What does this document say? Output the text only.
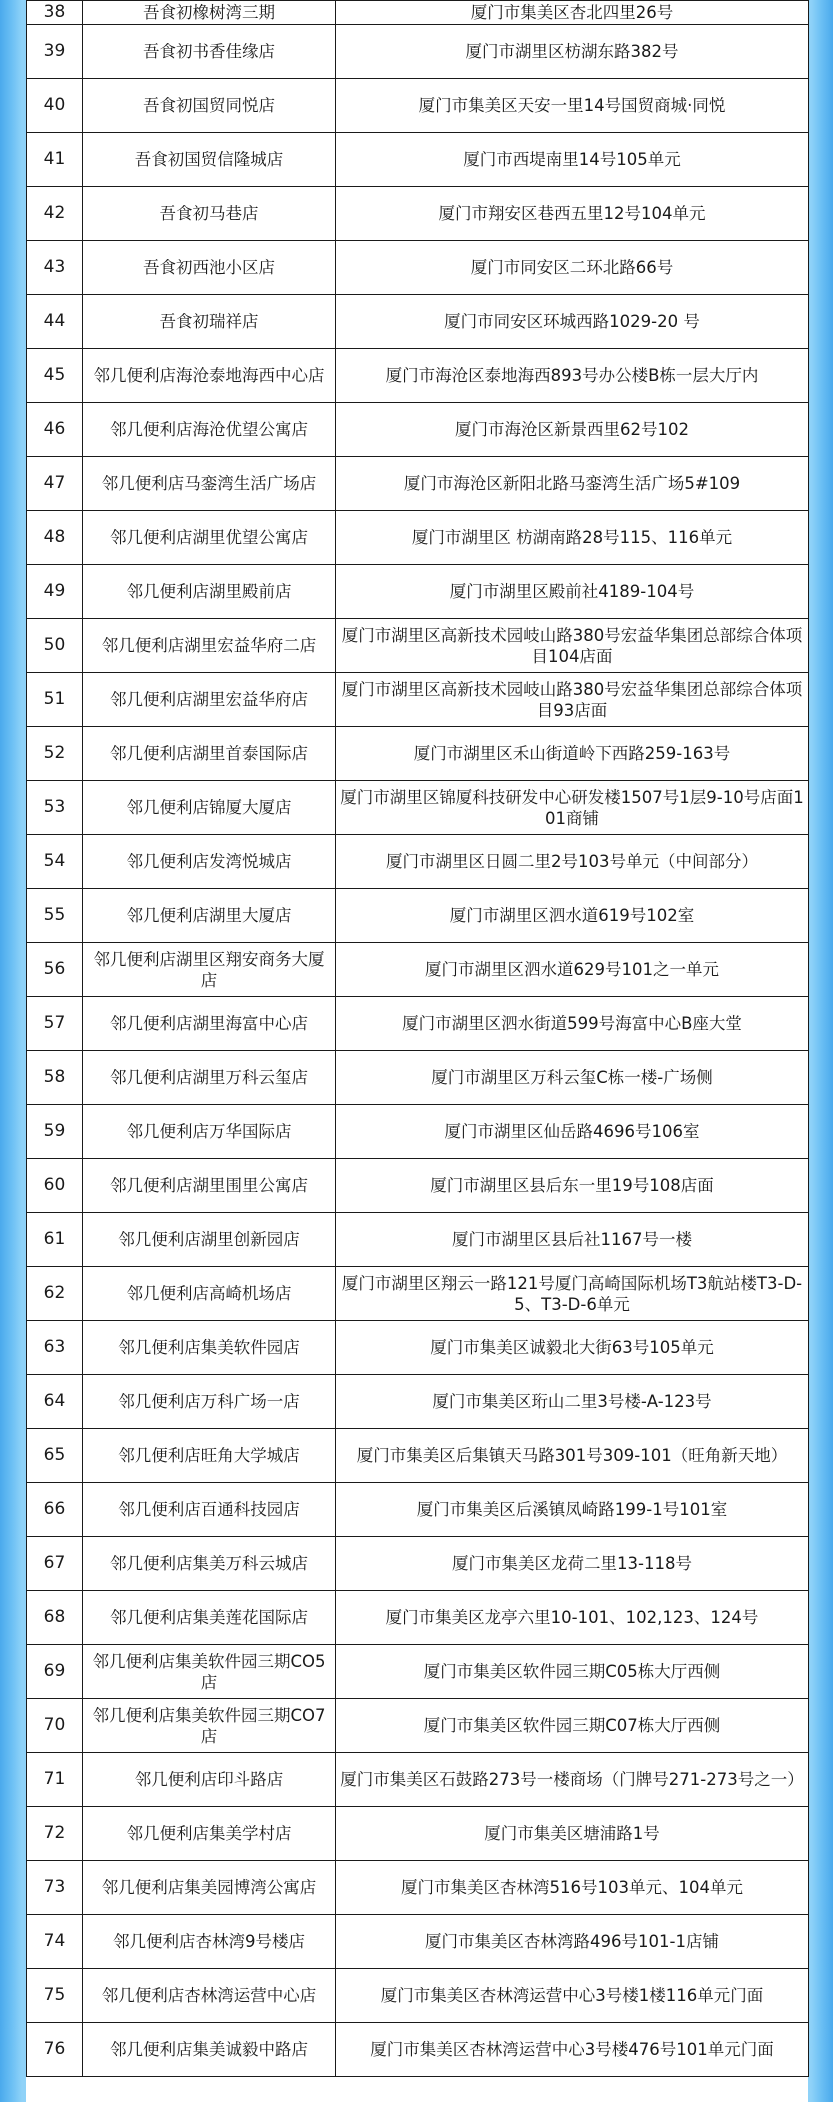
38	吾食初橡树湾三期	厦门市集美区杏北四里26号
39	吾食初书香佳缘店	厦门市湖里区枋湖东路382号
40	吾食初国贸同悦店	厦门市集美区天安一里14号国贸商城·同悦
41	吾食初国贸信隆城店	厦门市西堤南里14号105单元
42	吾食初马巷店	厦门市翔安区巷西五里12号104单元
43	吾食初西池小区店	厦门市同安区二环北路66号
44	吾食初瑞祥店	厦门市同安区环城西路1029-20 号
45	邻几便利店海沧泰地海西中心店	厦门市海沧区泰地海西893号办公楼B栋一层大厅内
46	邻几便利店海沧优望公寓店	厦门市海沧区新景西里62号102
47	邻几便利店马銮湾生活广场店	厦门市海沧区新阳北路马銮湾生活广场5#109
48	邻几便利店湖里优望公寓店	厦门市湖里区 枋湖南路28号115、116单元
49	邻几便利店湖里殿前店	厦门市湖里区殿前社4189-104号
50	邻几便利店湖里宏益华府二店	厦门市湖里区高新技术园岐山路380号宏益华集团总部综合体项目104店面
51	邻几便利店湖里宏益华府店	厦门市湖里区高新技术园岐山路380号宏益华集团总部综合体项目93店面
52	邻几便利店湖里首泰国际店	厦门市湖里区禾山街道岭下西路259-163号
53	邻几便利店锦厦大厦店	厦门市湖里区锦厦科技研发中心研发楼1507号1层9-10号店面101商铺
54	邻几便利店发湾悦城店	厦门市湖里区日圆二里2号103号单元（中间部分）
55	邻几便利店湖里大厦店	厦门市湖里区泗水道619号102室
56	邻几便利店湖里区翔安商务大厦店	厦门市湖里区泗水道629号101之一单元
57	邻几便利店湖里海富中心店	厦门市湖里区泗水街道599号海富中心B座大堂
58	邻几便利店湖里万科云玺店	厦门市湖里区万科云玺C栋一楼-广场侧
59	邻几便利店万华国际店	厦门市湖里区仙岳路4696号106室
60	邻几便利店湖里围里公寓店	厦门市湖里区县后东一里19号108店面
61	邻几便利店湖里创新园店	厦门市湖里区县后社1167号一楼
62	邻几便利店高崎机场店	厦门市湖里区翔云一路121号厦门高崎国际机场T3航站楼T3-D-5、T3-D-6单元
63	邻几便利店集美软件园店	厦门市集美区诚毅北大街63号105单元
64	邻几便利店万科广场一店	厦门市集美区珩山二里3号楼-A-123号
65	邻几便利店旺角大学城店	厦门市集美区后集镇天马路301号309-101（旺角新天地）
66	邻几便利店百通科技园店	厦门市集美区后溪镇凤崎路199-1号101室
67	邻几便利店集美万科云城店	厦门市集美区龙荷二里13-118号
68	邻几便利店集美莲花国际店	厦门市集美区龙亭六里10-101、102,123、124号
69	邻几便利店集美软件园三期CO5店	厦门市集美区软件园三期C05栋大厅西侧
70	邻几便利店集美软件园三期CO7店	厦门市集美区软件园三期C07栋大厅西侧
71	邻几便利店印斗路店	厦门市集美区石鼓路273号一楼商场（门牌号271-273号之一）
72	邻几便利店集美学村店	厦门市集美区塘浦路1号
73	邻几便利店集美园博湾公寓店	厦门市集美区杏林湾516号103单元、104单元
74	邻几便利店杏林湾9号楼店	厦门市集美区杏林湾路496号101-1店铺
75	邻几便利店杏林湾运营中心店	厦门市集美区杏林湾运营中心3号楼1楼116单元门面
76	邻几便利店集美诚毅中路店	厦门市集美区杏林湾运营中心3号楼476号101单元门面
